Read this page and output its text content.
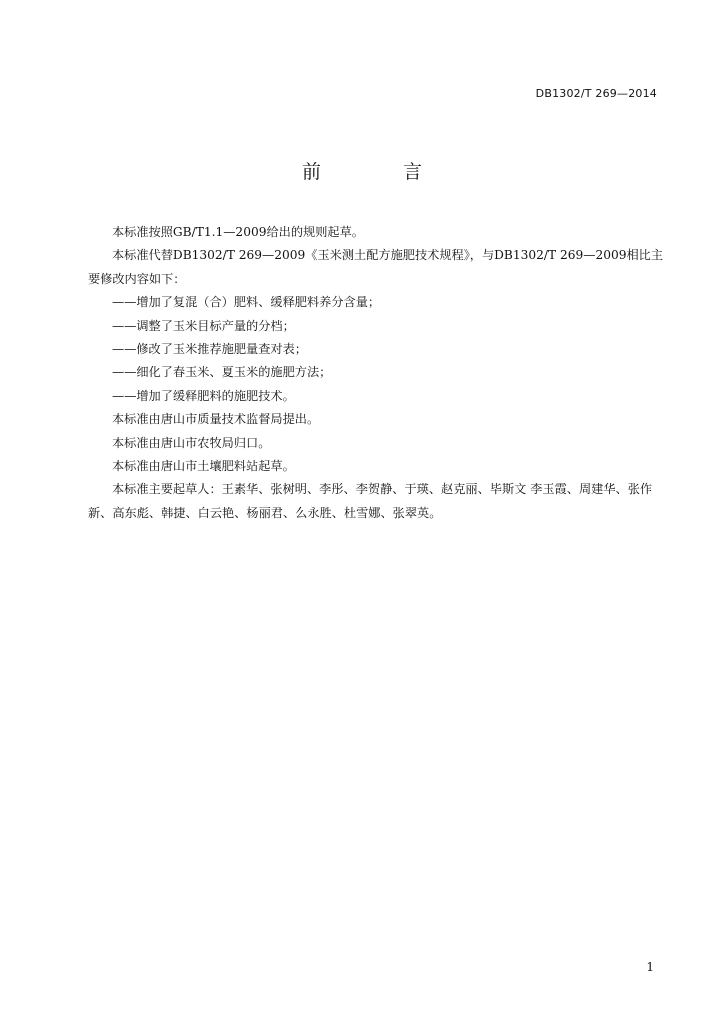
DB1302/T 269—2014
前 言

本标准按照GB/T1.1—2009给出的规则起草。

本标准代替DB1302/T 269—2009《玉米测土配方施肥技术规程》，与DB1302/T 269—2009相比主要修改内容如下：

——增加了复混（合）肥料、缓释肥料养分含量；

——调整了玉米目标产量的分档；

——修改了玉米推荐施肥量查对表；

——细化了春玉米、夏玉米的施肥方法；

——增加了缓释肥料的施肥技术。

本标准由唐山市质量技术监督局提出。

本标准由唐山市农牧局归口。

本标准由唐山市土壤肥料站起草。

本标准主要起草人：王素华、张树明、李彤、李贺静、于瑛、赵克丽、毕斯文 李玉霞、周建华、张作新、高东彪、韩捷、白云艳、杨丽君、么永胜、杜雪娜、张翠英。

1
